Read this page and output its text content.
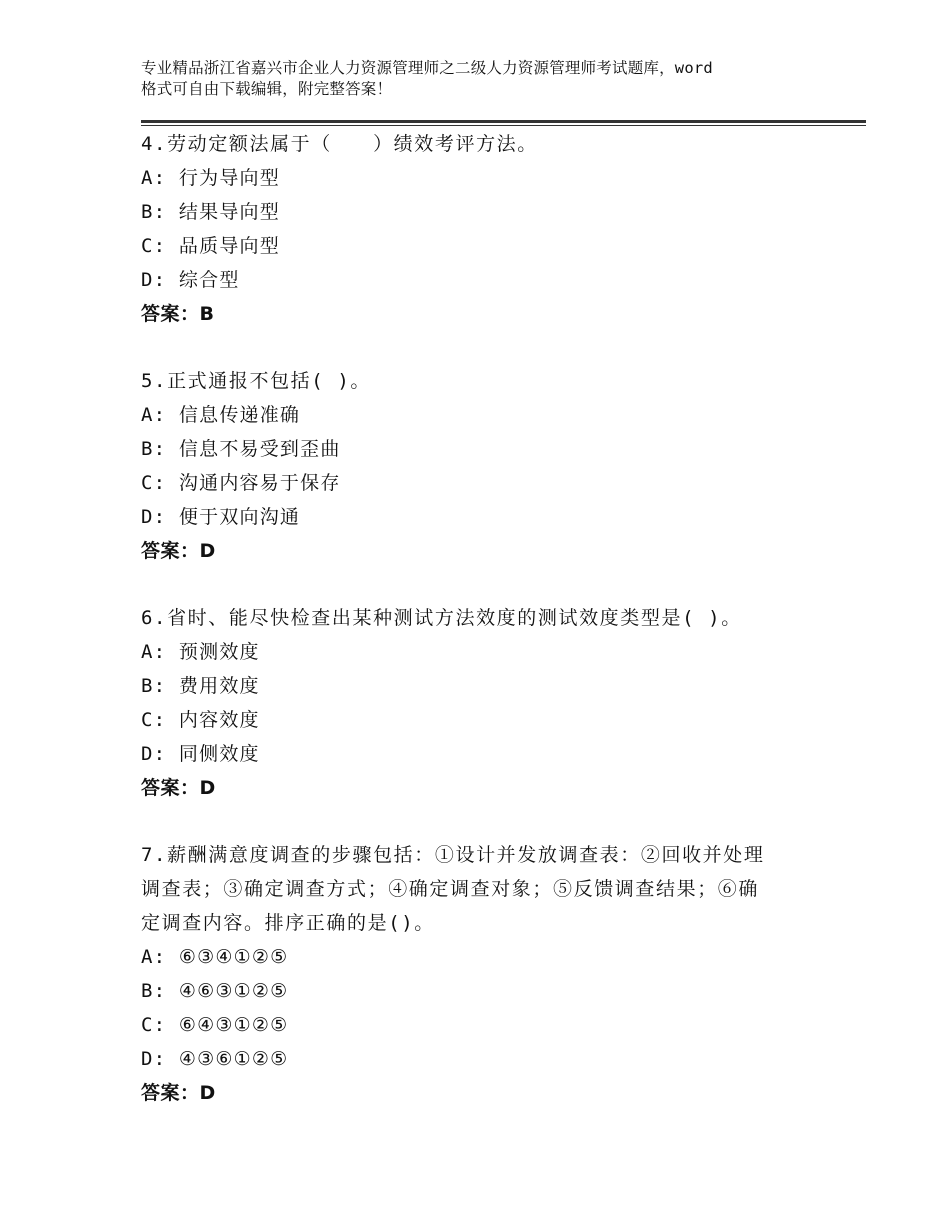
专业精品浙江省嘉兴市企业人力资源管理师之二级人力资源管理师考试题库，word
格式可自由下载编辑，附完整答案！
4.劳动定额法属于（　　）绩效考评方法。
A: 行为导向型
B: 结果导向型
C: 品质导向型
D: 综合型
答案：B
5.正式通报不包括( )。
A: 信息传递准确
B: 信息不易受到歪曲
C: 沟通内容易于保存
D: 便于双向沟通
答案：D
6.省时、能尽快检查出某种测试方法效度的测试效度类型是( )。
A: 预测效度
B: 费用效度
C: 内容效度
D: 同侧效度
答案：D
7.薪酬满意度调查的步骤包括：①设计并发放调查表：②回收并处理
调查表；③确定调查方式；④确定调查对象；⑤反馈调查结果；⑥确
定调查内容。排序正确的是()。
A: ⑥③④①②⑤
B: ④⑥③①②⑤
C: ⑥④③①②⑤
D: ④③⑥①②⑤
答案：D
